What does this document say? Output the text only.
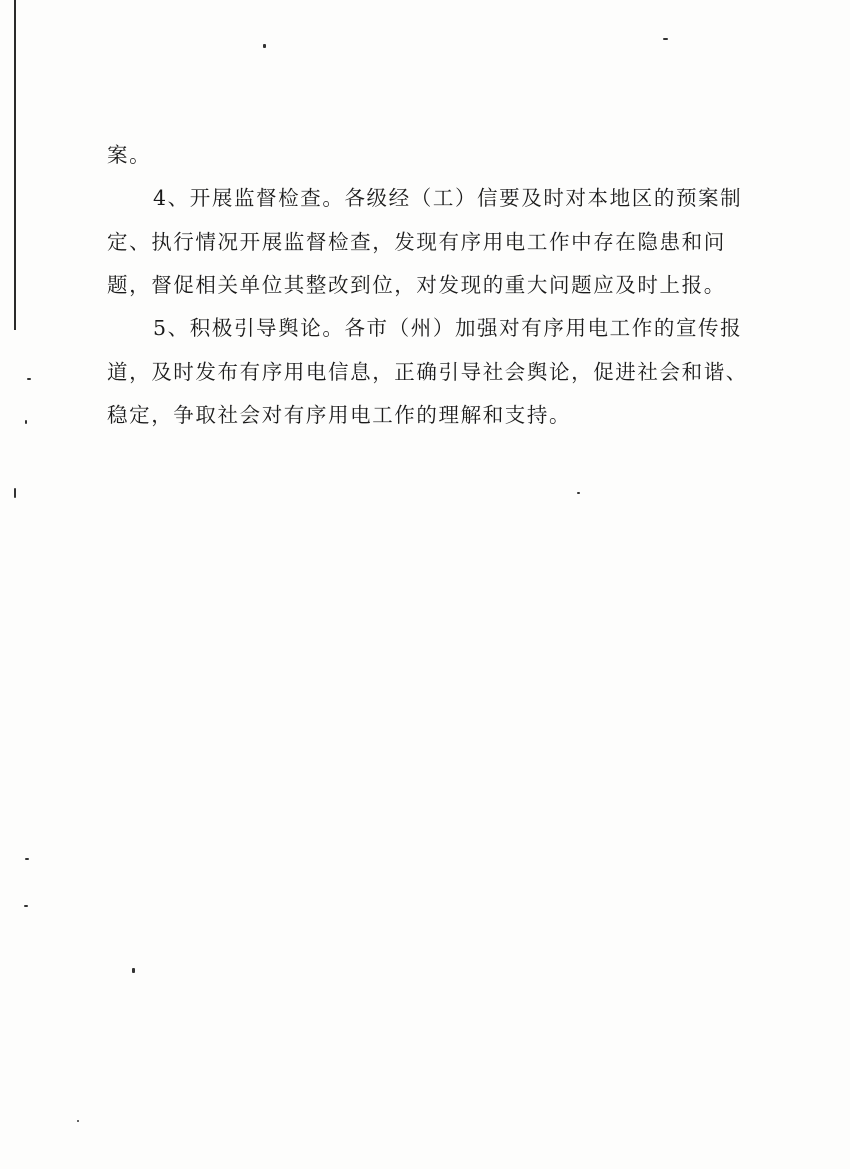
案。
4、开展监督检查。各级经（工）信要及时对本地区的预案制
定、执行情况开展监督检查，发现有序用电工作中存在隐患和问
题，督促相关单位其整改到位，对发现的重大问题应及时上报。
5、积极引导舆论。各市（州）加强对有序用电工作的宣传报
道，及时发布有序用电信息，正确引导社会舆论，促进社会和谐、
稳定，争取社会对有序用电工作的理解和支持。
